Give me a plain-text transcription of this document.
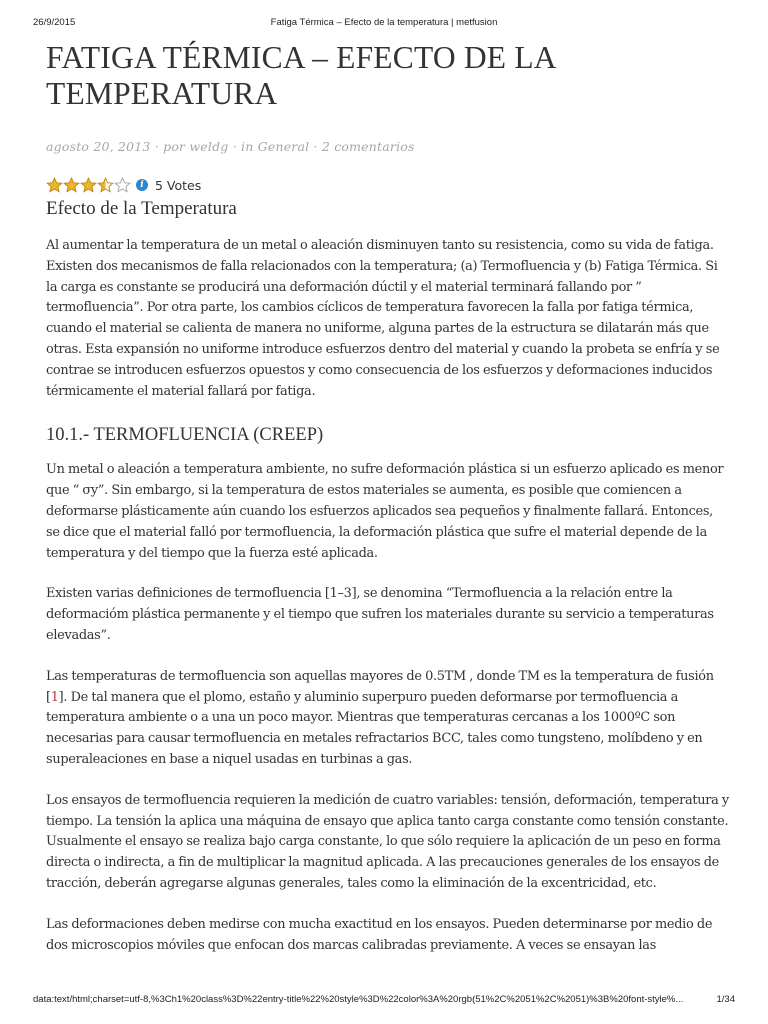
26/9/2015	Fatiga Térmica – Efecto de la temperatura | metfusion
FATIGA TÉRMICA – EFECTO DE LA TEMPERATURA
agosto 20, 2013 · por weldg · in General · 2 comentarios
i 5 Votes
Efecto de la Temperatura

Al aumentar la temperatura de un metal o aleación disminuyen tanto su resistencia, como su vida de fatiga. Existen dos mecanismos de falla relacionados con la temperatura; (a) Termofluencia y (b) Fatiga Térmica. Si la carga es constante se producirá una deformación dúctil y el material terminará fallando por ” termofluencia”. Por otra parte, los cambios cíclicos de temperatura favorecen la falla por fatiga térmica, cuando el material se calienta de manera no uniforme, alguna partes de la estructura se dilatarán más que otras. Esta expansión no uniforme introduce esfuerzos dentro del material y cuando la probeta se enfría y se contrae se introducen esfuerzos opuestos y como consecuencia de los esfuerzos y deformaciones inducidos térmicamente el material fallará por fatiga.

10.1.- TERMOFLUENCIA (CREEP)

Un metal o aleación a temperatura ambiente, no sufre deformación plástica si un esfuerzo aplicado es menor que “ σy”. Sin embargo, si la temperatura de estos materiales se aumenta, es posible que comiencen a deformarse plásticamente aún cuando los esfuerzos aplicados sea pequeños y finalmente fallará. Entonces, se dice que el material falló por termofluencia, la deformación plástica que sufre el material depende de la temperatura y del tiempo que la fuerza esté aplicada.

Existen varias definiciones de termofluencia [1–3], se denomina “Termofluencia a la relación entre la deformacióm plástica permanente y el tiempo que sufren los materiales durante su servicio a temperaturas elevadas”.

Las temperaturas de termofluencia son aquellas mayores de 0.5TM , donde TM es la temperatura de fusión [1]. De tal manera que el plomo, estaño y aluminio superpuro pueden deformarse por termofluencia a temperatura ambiente o a una un poco mayor. Mientras que temperaturas cercanas a los 1000ºC son necesarias para causar termofluencia en metales refractarios BCC, tales como tungsteno, molíbdeno y en superaleaciones en base a niquel usadas en turbinas a gas.

Los ensayos de termofluencia requieren la medición de cuatro variables: tensión, deformación, temperatura y tiempo. La tensión la aplica una máquina de ensayo que aplica tanto carga constante como tensión constante. Usualmente el ensayo se realiza bajo carga constante, lo que sólo requiere la aplicación de un peso en forma directa o indirecta, a fin de multiplicar la magnitud aplicada. A las precauciones generales de los ensayos de tracción, deberán agregarse algunas generales, tales como la eliminación de la excentricidad, etc.

Las deformaciones deben medirse con mucha exactitud en los ensayos. Pueden determinarse por medio de dos microscopios móviles que enfocan dos marcas calibradas previamente. A veces se ensayan las

data:text/html;charset=utf-8,%3Ch1%20class%3D%22entry-title%22%20style%3D%22color%3A%20rgb(51%2C%2051%2C%2051)%3B%20font-style%...	1/34
